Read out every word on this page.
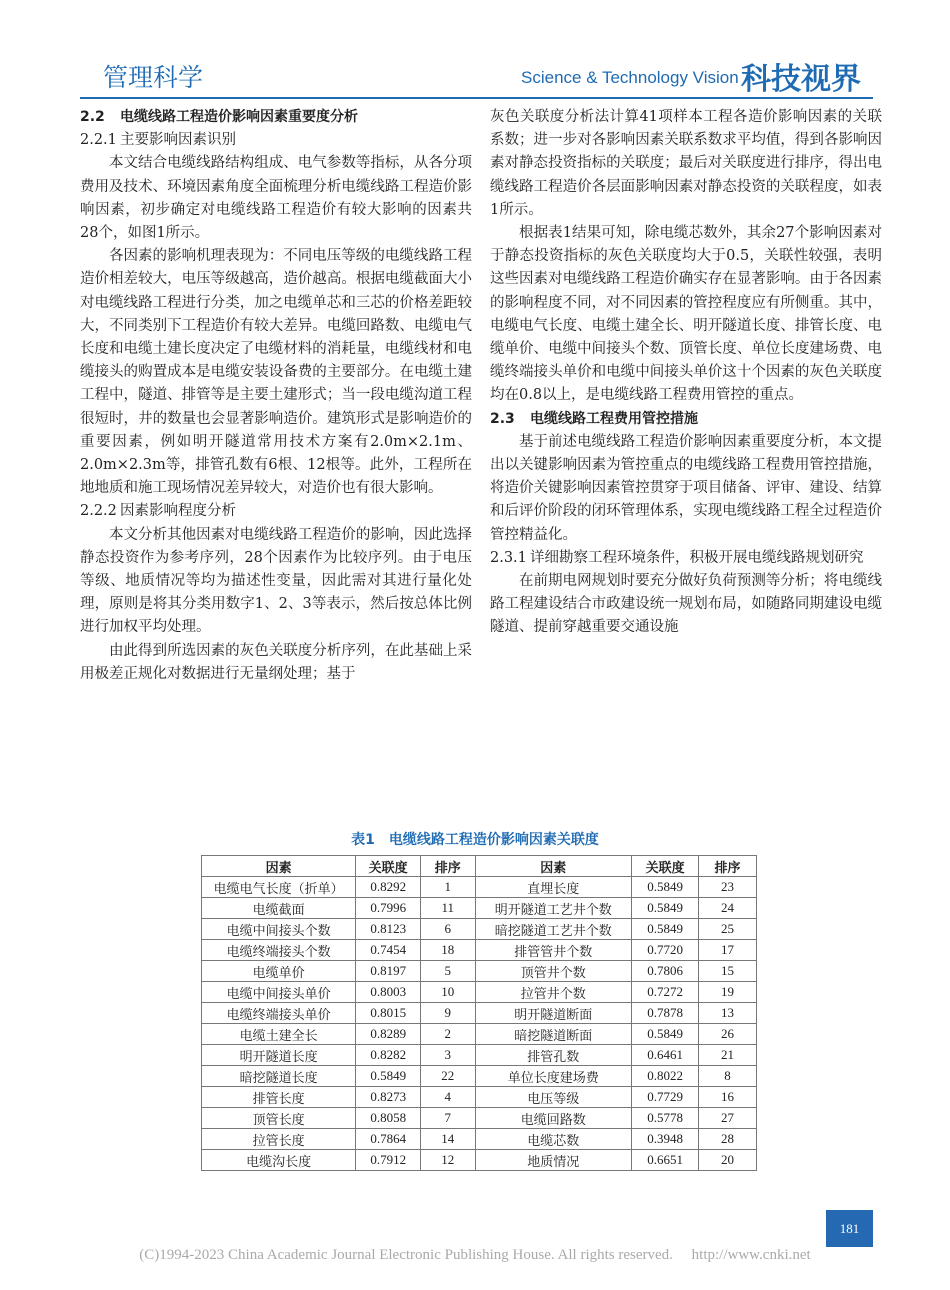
管理科学	Science & Technology Vision 科技视界
2.2 电缆线路工程造价影响因素重要度分析
2.2.1 主要影响因素识别

本文结合电缆线路结构组成、电气参数等指标，从各分项费用及技术、环境因素角度全面梳理分析电缆线路工程造价影响因素，初步确定对电缆线路工程造价有较大影响的因素共28个，如图1所示。

各因素的影响机理表现为：不同电压等级的电缆线路工程造价相差较大，电压等级越高，造价越高。根据电缆截面大小对电缆线路工程进行分类，加之电缆单芯和三芯的价格差距较大，不同类别下工程造价有较大差异。电缆回路数、电缆电气长度和电缆土建长度决定了电缆材料的消耗量，电缆线材和电缆接头的购置成本是电缆安装设备费的主要部分。在电缆土建工程中，隧道、排管等是主要土建形式；当一段电缆沟道工程很短时，井的数量也会显著影响造价。建筑形式是影响造价的重要因素，例如明开隧道常用技术方案有2.0m×2.1m、2.0m×2.3m等，排管孔数有6根、12根等。此外，工程所在地地质和施工现场情况差异较大，对造价也有很大影响。

2.2.2 因素影响程度分析

本文分析其他因素对电缆线路工程造价的影响，因此选择静态投资作为参考序列，28个因素作为比较序列。由于电压等级、地质情况等均为描述性变量，因此需对其进行量化处理，原则是将其分类用数字1、2、3等表示，然后按总体比例进行加权平均处理。

由此得到所选因素的灰色关联度分析序列，在此基础上采用极差正规化对数据进行无量纲处理；基于

灰色关联度分析法计算41项样本工程各造价影响因素的关联系数；进一步对各影响因素关联系数求平均值，得到各影响因素对静态投资指标的关联度；最后对关联度进行排序，得出电缆线路工程造价各层面影响因素对静态投资的关联程度，如表1所示。

根据表1结果可知，除电缆芯数外，其余27个影响因素对于静态投资指标的灰色关联度均大于0.5，关联性较强，表明这些因素对电缆线路工程造价确实存在显著影响。由于各因素的影响程度不同，对不同因素的管控程度应有所侧重。其中，电缆电气长度、电缆土建全长、明开隧道长度、排管长度、电缆单价、电缆中间接头个数、顶管长度、单位长度建场费、电缆终端接头单价和电缆中间接头单价这十个因素的灰色关联度均在0.8以上，是电缆线路工程费用管控的重点。

2.3 电缆线路工程费用管控措施

基于前述电缆线路工程造价影响因素重要度分析，本文提出以关键影响因素为管控重点的电缆线路工程费用管控措施，将造价关键影响因素管控贯穿于项目储备、评审、建设、结算和后评价阶段的闭环管理体系，实现电缆线路工程全过程造价管控精益化。

2.3.1 详细勘察工程环境条件，积极开展电缆线路规划研究

在前期电网规划时要充分做好负荷预测等分析；将电缆线路工程建设结合市政建设统一规划布局，如随路同期建设电缆隧道、提前穿越重要交通设施

表1　电缆线路工程造价影响因素关联度
因素	关联度	排序	因素	关联度	排序
电缆电气长度（折单）	0.8292	1	直埋长度	0.5849	23
电缆截面	0.7996	11	明开隧道工艺井个数	0.5849	24
电缆中间接头个数	0.8123	6	暗挖隧道工艺井个数	0.5849	25
电缆终端接头个数	0.7454	18	排管管井个数	0.7720	17
电缆单价	0.8197	5	顶管井个数	0.7806	15
电缆中间接头单价	0.8003	10	拉管井个数	0.7272	19
电缆终端接头单价	0.8015	9	明开隧道断面	0.7878	13
电缆土建全长	0.8289	2	暗挖隧道断面	0.5849	26
明开隧道长度	0.8282	3	排管孔数	0.6461	21
暗挖隧道长度	0.5849	22	单位长度建场费	0.8022	8
排管长度	0.8273	4	电压等级	0.7729	16
顶管长度	0.8058	7	电缆回路数	0.5778	27
拉管长度	0.7864	14	电缆芯数	0.3948	28
电缆沟长度	0.7912	12	地质情况	0.6651	20
181
(C)1994-2023 China Academic Journal Electronic Publishing House. All rights reserved.　 http://www.cnki.net
